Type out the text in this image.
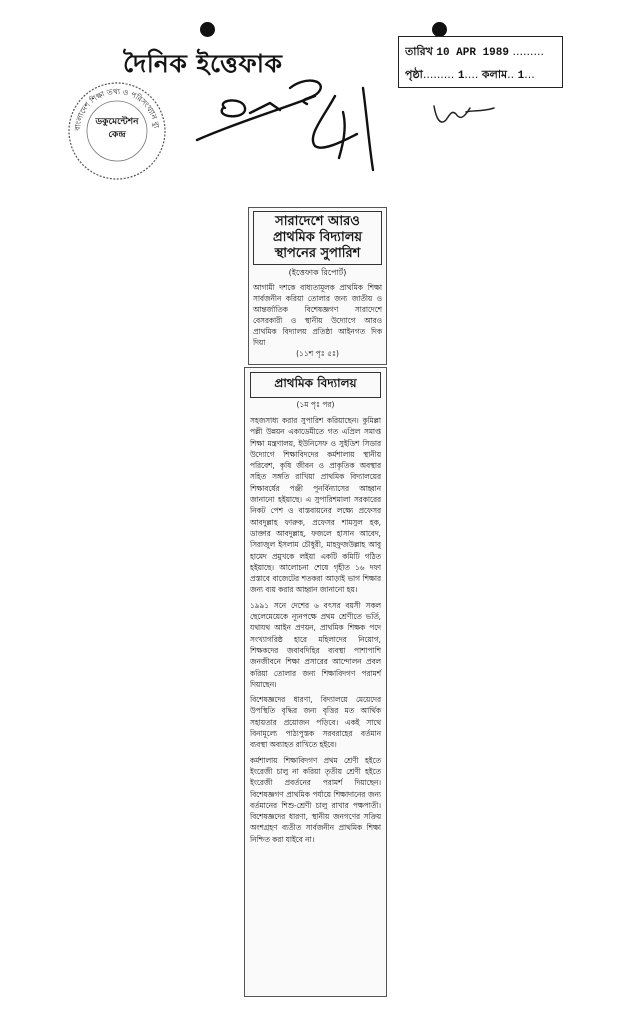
দৈনিক ইত্তেফাক
বাংলাদেশ শিক্ষা তথ্য ও পরিসংখ্যান ব্যু
ডকুমেন্টেশন কেন্দ্র
তারিখ 10 APR 1989 .........
পৃষ্ঠা......... 1.... কলাম.. 1...
সারাদেশে আরও প্রাথমিক বিদ্যালয় স্থাপনের সুপারিশ
(ইত্তেফাক রিপোর্ট)
আগামী দশকে বাধ্যতামূলক প্রাথমিক শিক্ষা সার্বজনীন করিয়া তোলার জন্য জাতীয় ও আন্তর্জাতিক বিশেষজ্ঞগণ সারাদেশে বেসরকারী ও স্থানীয় উদ্যোগে আরও প্রাথমিক বিদ্যালয় প্রতিষ্ঠা আইনগত দিক দিয়া
(১১শ পৃঃ ৫ঃ)
প্রাথমিক বিদ্যালয়
(১ম পৃঃ পর)

সহজসাধ্য করার সুপারিশ করিয়াছেন। কুমিল্লা পল্লী উন্নয়ন একাডেমীতে গত এপ্রিল সমাপ্ত শিক্ষা মন্ত্রণালয়, ইউনিসেফ ও সুইডিশ সিডার উদ্যোগে শিক্ষাবিদদের কর্মশালায় স্থানীয় পরিবেশ, কৃষি জীবন ও প্রাকৃতিক অবস্থার সহিত সঙ্গতি রাখিয়া প্রাথমিক বিদ্যালয়ের শিক্ষাবর্ষের পঞ্জী পুনর্বিন্যাসের আহ্বান জানানো হইয়াছে। এ সুপারিশমালা সরকারের নিকট পেশ ও বাস্তবায়নের লক্ষ্যে প্রফেসর আবদুল্লাহ ফারুক, প্রফেসর শামসুল হক, ডাক্তার আবদুল্লাহ, ফজলে হাসান আবেদ, সিরাজুল ইসলাম চৌধুরী, মাহফুজউল্লাহ আবু হামেদ প্রমুখকে লইয়া একটি কমিটি গঠিত হইয়াছে। আলোচনা শেষে গৃহীত ১৬ দফা প্রস্তাবে বাজেটের শতকরা আড়াই ভাগ শিক্ষার জন্য ব্যয় করার আহ্বান জানানো হয়।

১৯৯১ সনে দেশের ৬ বৎসর বয়সী সকল ছেলেমেয়েকে ন্যূনপক্ষে প্রথম শ্রেণীতে ভর্তি, যথাযথ আইন প্রণয়ন, প্রাথমিক শিক্ষক পদে সংখ্যাগরিষ্ঠ হারে মহিলাদের নিয়োগ, শিক্ষকদের জবাবদিহির ব্যবস্থা পাশাপাশি জনজীবনে শিক্ষা প্রসারের আন্দোলন প্রবল করিয়া তোলার জন্য শিক্ষাবিদগণ পরামর্শ দিয়াছেন।

বিশেষজ্ঞদের ধারণা, বিদ্যালয়ে মেয়েদের উপস্থিতি বৃদ্ধির জন্য বৃত্তির মত আর্থিক সহায়তার প্রয়োজন পড়িবে। একই সাথে বিনামূল্যে পাঠ্যপুস্তক সরবরাহের বর্তমান ব্যবস্থা অব্যাহত রাখিতে হইবে।

কর্মশালায় শিক্ষাবিদগণ প্রথম শ্রেণী হইতে ইংরেজী চালু না করিয়া তৃতীয় শ্রেণী হইতে ইংরেজী প্রবর্তনের পরামর্শ দিয়াছেন। বিশেষজ্ঞগণ প্রাথমিক পর্যায়ে শিক্ষাদানের জন্য বর্তমানের শিশু-শ্রেণী চালু রাখার পক্ষপাতী। বিশেষজ্ঞদের ধারণা, স্থানীয় জনগণের সক্রিয় অংশগ্রহণ ব্যতীত সার্বজনীন প্রাথমিক শিক্ষা নিশ্চিত করা যাইবে না।
